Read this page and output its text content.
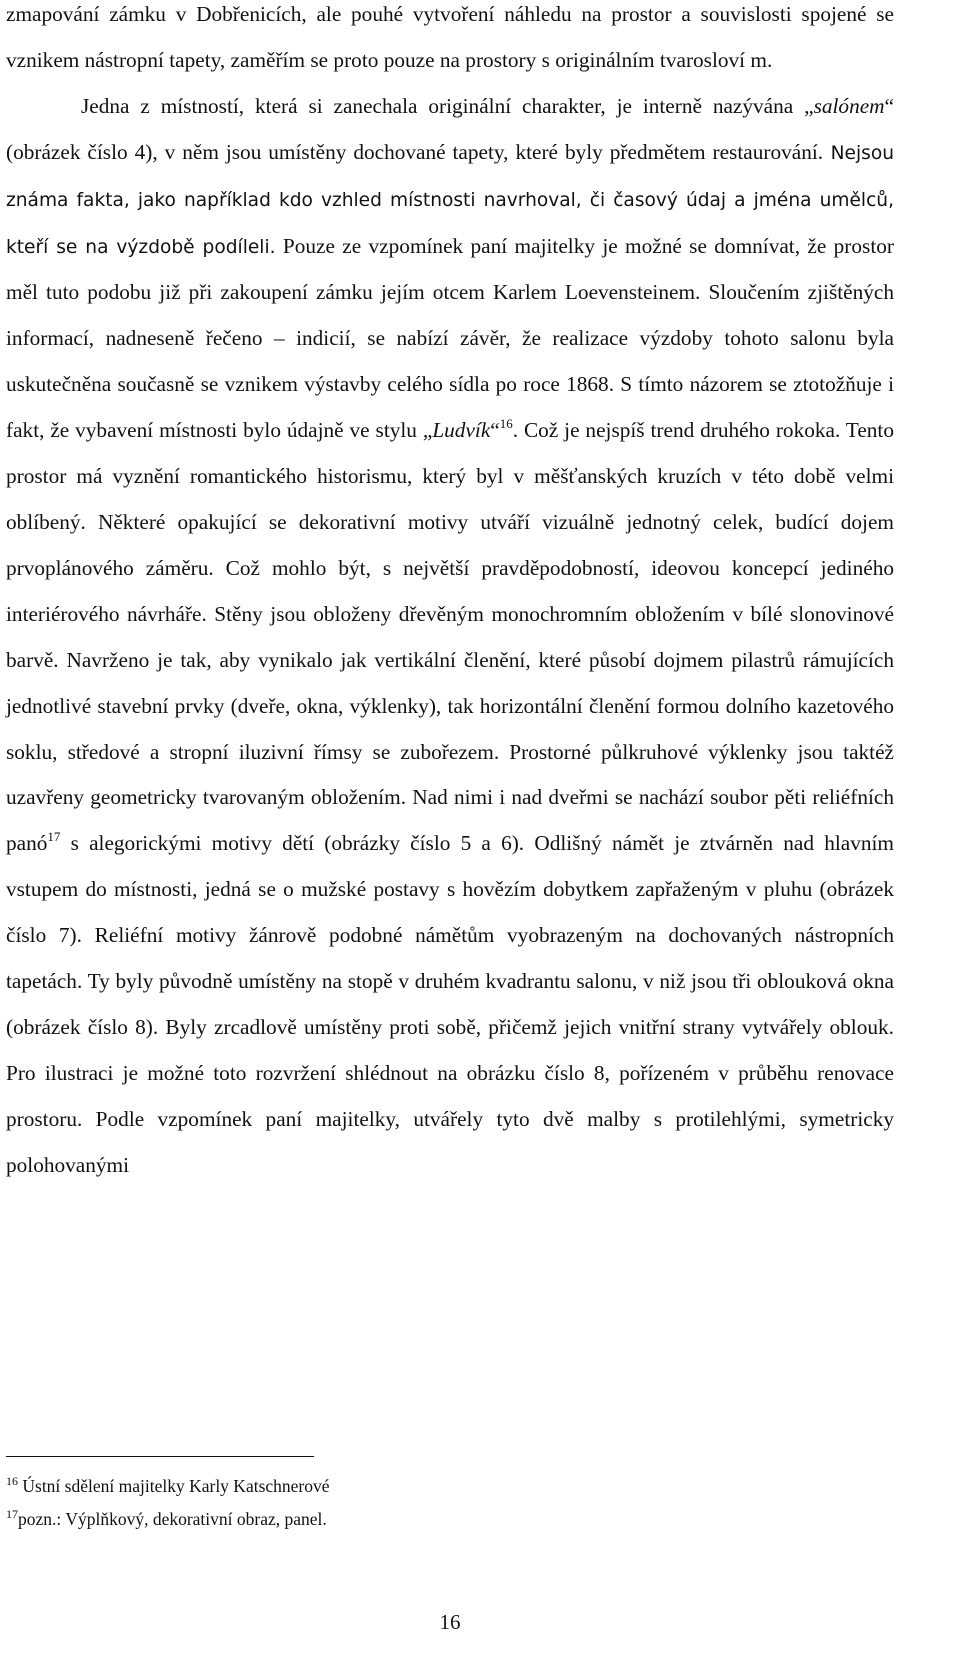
zmapování zámku v Dobřenicích, ale pouhé vytvoření náhledu na prostor a souvislosti spojené se vznikem nástropní tapety, zaměřím se proto pouze na prostory s originálním tvarosloví m.

Jedna z místností, která si zanechala originální charakter, je interně nazývána „salónem“ (obrázek číslo 4), v něm jsou umístěny dochované tapety, které byly předmětem restaurování. Nejsou známa fakta, jako například kdo vzhled místnosti navrhoval, či časový údaj a jména umělců, kteří se na výzdobě podíleli. Pouze ze vzpomínek paní majitelky je možné se domnívat, že prostor měl tuto podobu již při zakoupení zámku jejím otcem Karlem Loevensteinem. Sloučením zjištěných informací, nadneseně řečeno – indicií, se nabízí závěr, že realizace výzdoby tohoto salonu byla uskutečněna současně se vznikem výstavby celého sídla po roce 1868. S tímto názorem se ztotožňuje i fakt, že vybavení místnosti bylo údajně ve stylu „Ludvík“$^{16}$. Což je nejspíš trend druhého rokoka. Tento prostor má vyznění romantického historismu, který byl v měšťanských kruzích v této době velmi oblíbený. Některé opakující se dekorativní motivy utváří vizuálně jednotný celek, budící dojem prvoplánového záměru. Což mohlo být, s největší pravděpodobností, ideovou koncepcí jediného interiérového návrháře. Stěny jsou obloženy dřevěným monochromním obložením v bílé slonovinové barvě. Navrženo je tak, aby vynikalo jak vertikální členění, které působí dojmem pilastrů rámujících jednotlivé stavební prvky (dveře, okna, výklenky), tak horizontální členění formou dolního kazetového soklu, středové a stropní iluzivní římsy se zubořezem. Prostorné půlkruhové výklenky jsou taktéž uzavřeny geometricky tvarovaným obložením. Nad nimi i nad dveřmi se nachází soubor pěti reliéfních panó$^{17}$ s alegorickými motivy dětí (obrázky číslo 5 a 6). Odlišný námět je ztvárněn nad hlavním vstupem do místnosti, jedná se o mužské postavy s hovězím dobytkem zapřaženým v pluhu (obrázek číslo 7). Reliéfní motivy žánrově podobné námětům vyobrazeným na dochovaných nástropních tapetách. Ty byly původně umístěny na stopě v druhém kvadrantu salonu, v niž jsou tři oblouková okna (obrázek číslo 8). Byly zrcadlově umístěny proti sobě, přičemž jejich vnitřní strany vytvářely oblouk. Pro ilustraci je možné toto rozvržení shlédnout na obrázku číslo 8, pořízeném v průběhu renovace prostoru. Podle vzpomínek paní majitelky, utvářely tyto dvě malby s protilehlými, symetricky polohovanými

$^{16}$ Ústní sdělení majitelky Karly Katschnerové
$^{17}$pozn.: Výplňkový, dekorativní obraz, panel.
16
